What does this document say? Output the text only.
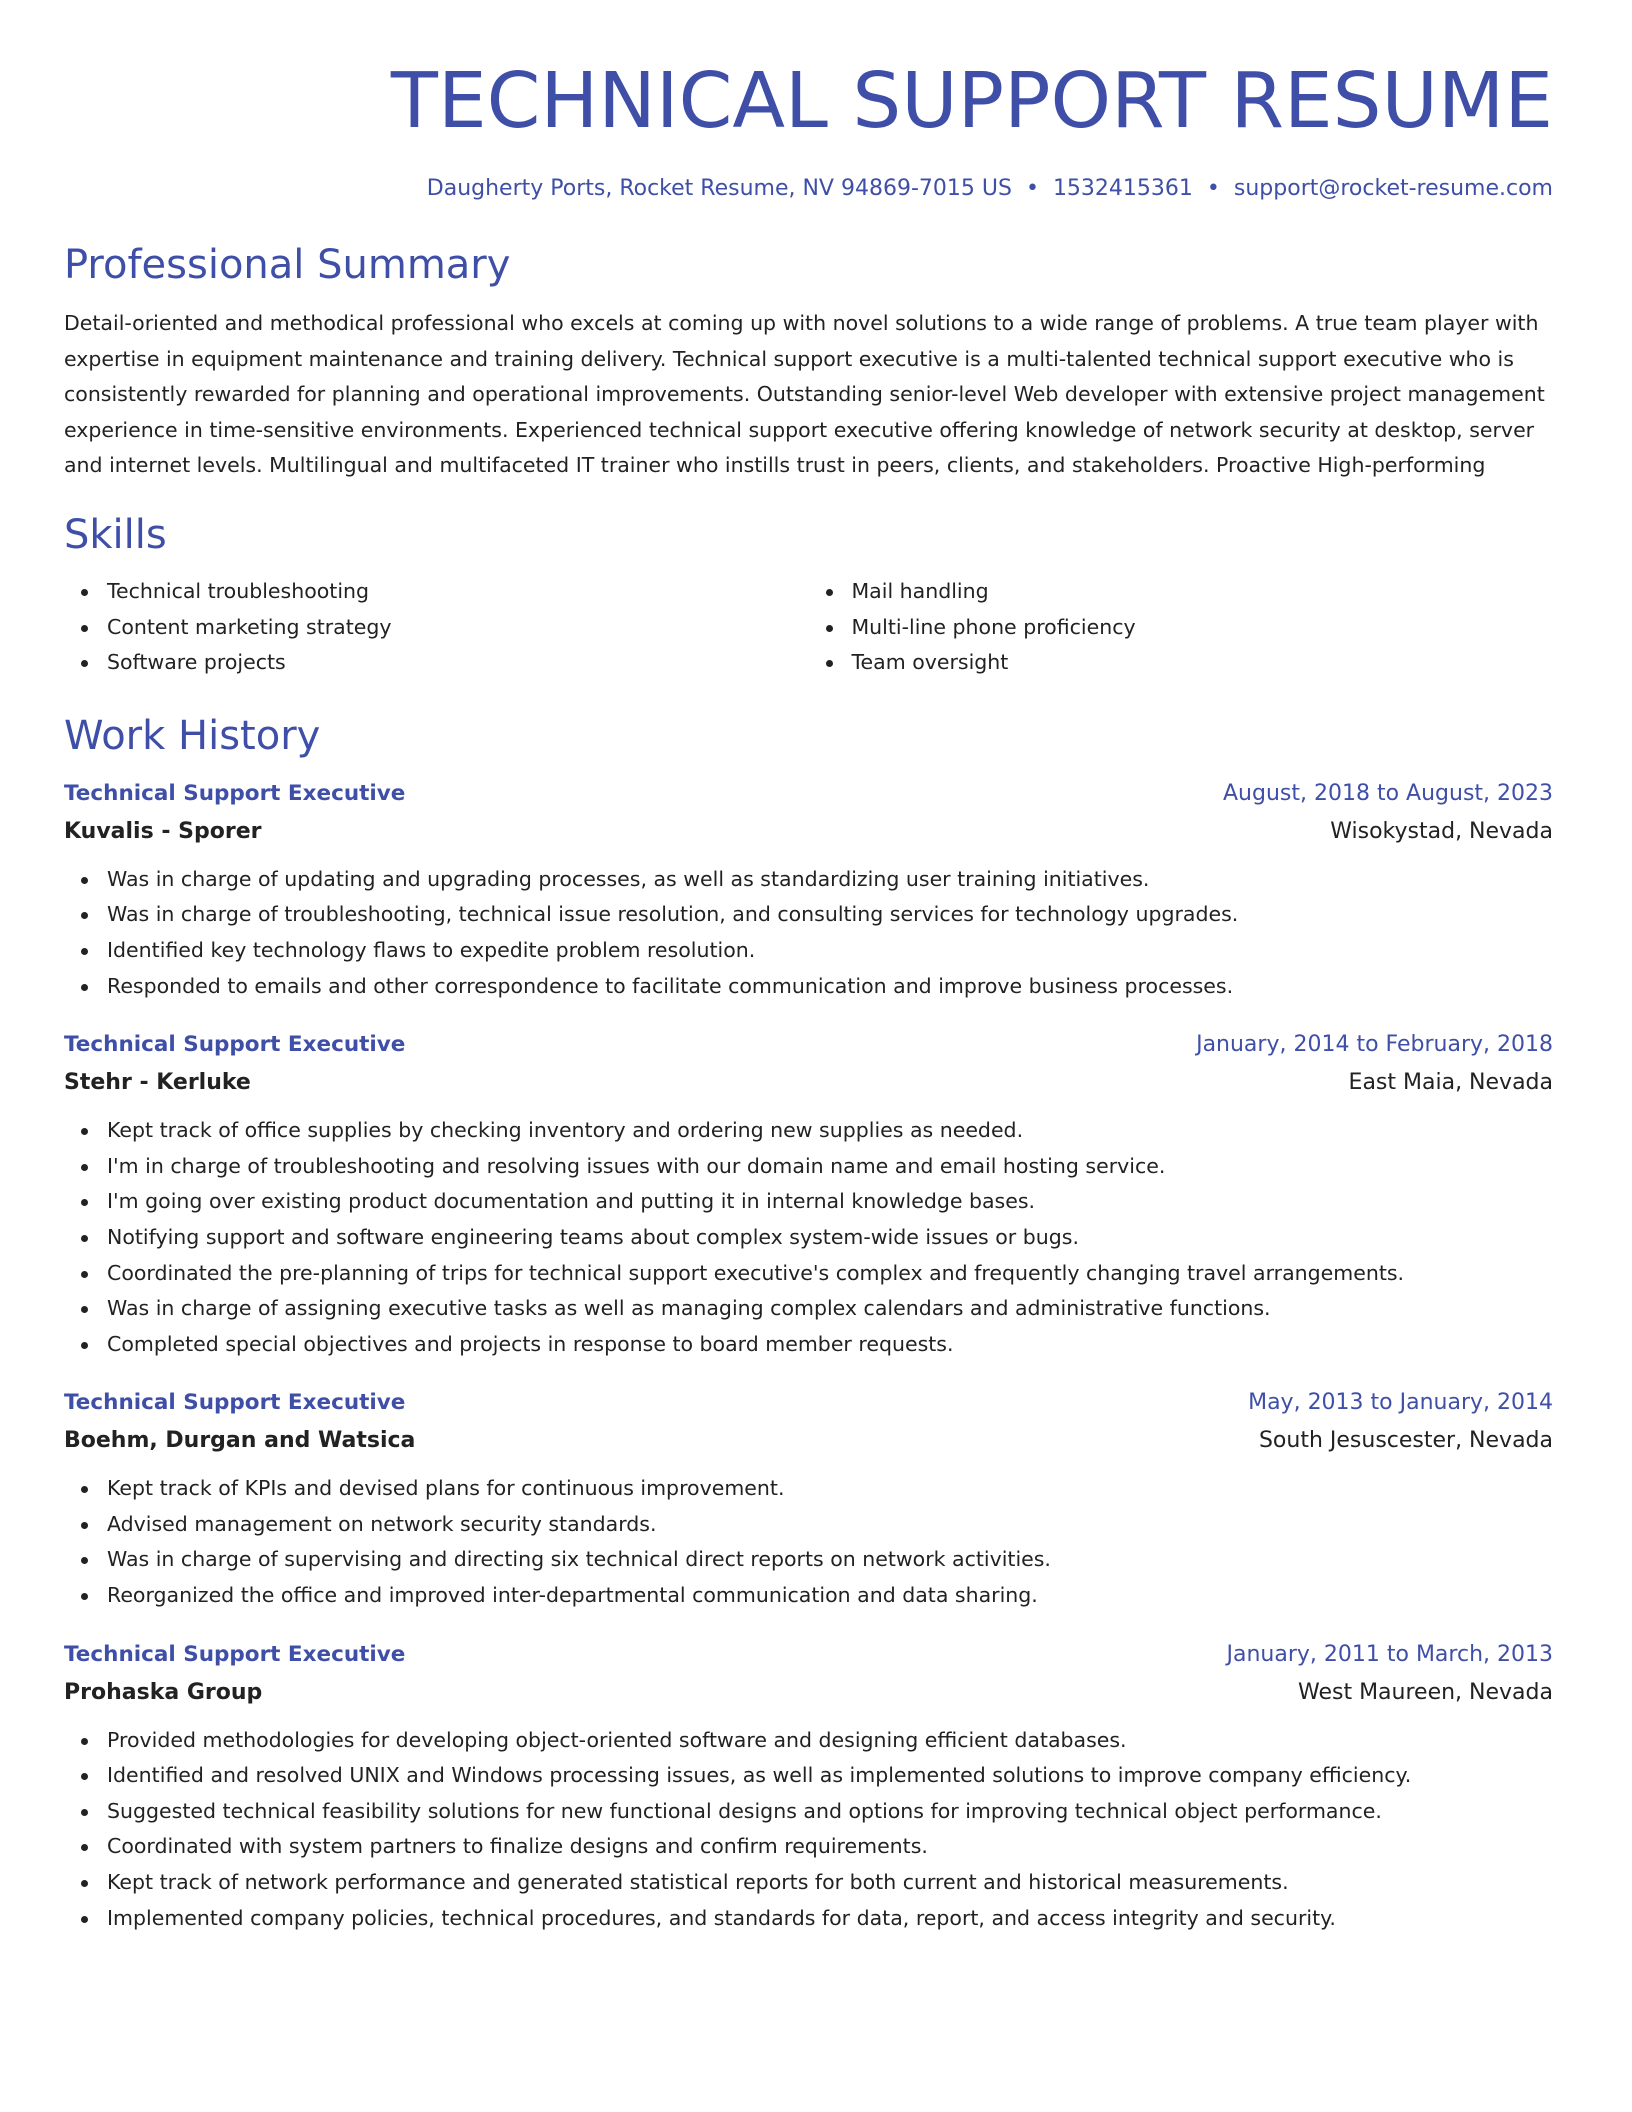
TECHNICAL SUPPORT RESUME
Daugherty Ports, Rocket Resume, NV 94869-7015 US • 1532415361 • support@rocket-resume.com
Professional Summary
Detail-oriented and methodical professional who excels at coming up with novel solutions to a wide range of problems. A true team player with expertise in equipment maintenance and training delivery. Technical support executive is a multi-talented technical support executive who is consistently rewarded for planning and operational improvements. Outstanding senior-level Web developer with extensive project management experience in time-sensitive environments. Experienced technical support executive offering knowledge of network security at desktop, server and internet levels. Multilingual and multifaceted IT trainer who instills trust in peers, clients, and stakeholders. Proactive High-performing
Skills
Technical troubleshooting
Content marketing strategy
Software projects
Mail handling
Multi-line phone proficiency
Team oversight
Work History
Technical Support Executive	August, 2018 to August, 2023
Kuvalis - Sporer	Wisokystad, Nevada
Was in charge of updating and upgrading processes, as well as standardizing user training initiatives.
Was in charge of troubleshooting, technical issue resolution, and consulting services for technology upgrades.
Identified key technology flaws to expedite problem resolution.
Responded to emails and other correspondence to facilitate communication and improve business processes.
Technical Support Executive	January, 2014 to February, 2018
Stehr - Kerluke	East Maia, Nevada
Kept track of office supplies by checking inventory and ordering new supplies as needed.
I'm in charge of troubleshooting and resolving issues with our domain name and email hosting service.
I'm going over existing product documentation and putting it in internal knowledge bases.
Notifying support and software engineering teams about complex system-wide issues or bugs.
Coordinated the pre-planning of trips for technical support executive's complex and frequently changing travel arrangements.
Was in charge of assigning executive tasks as well as managing complex calendars and administrative functions.
Completed special objectives and projects in response to board member requests.
Technical Support Executive	May, 2013 to January, 2014
Boehm, Durgan and Watsica	South Jesuscester, Nevada
Kept track of KPIs and devised plans for continuous improvement.
Advised management on network security standards.
Was in charge of supervising and directing six technical direct reports on network activities.
Reorganized the office and improved inter-departmental communication and data sharing.
Technical Support Executive	January, 2011 to March, 2013
Prohaska Group	West Maureen, Nevada
Provided methodologies for developing object-oriented software and designing efficient databases.
Identified and resolved UNIX and Windows processing issues, as well as implemented solutions to improve company efficiency.
Suggested technical feasibility solutions for new functional designs and options for improving technical object performance.
Coordinated with system partners to finalize designs and confirm requirements.
Kept track of network performance and generated statistical reports for both current and historical measurements.
Implemented company policies, technical procedures, and standards for data, report, and access integrity and security.
